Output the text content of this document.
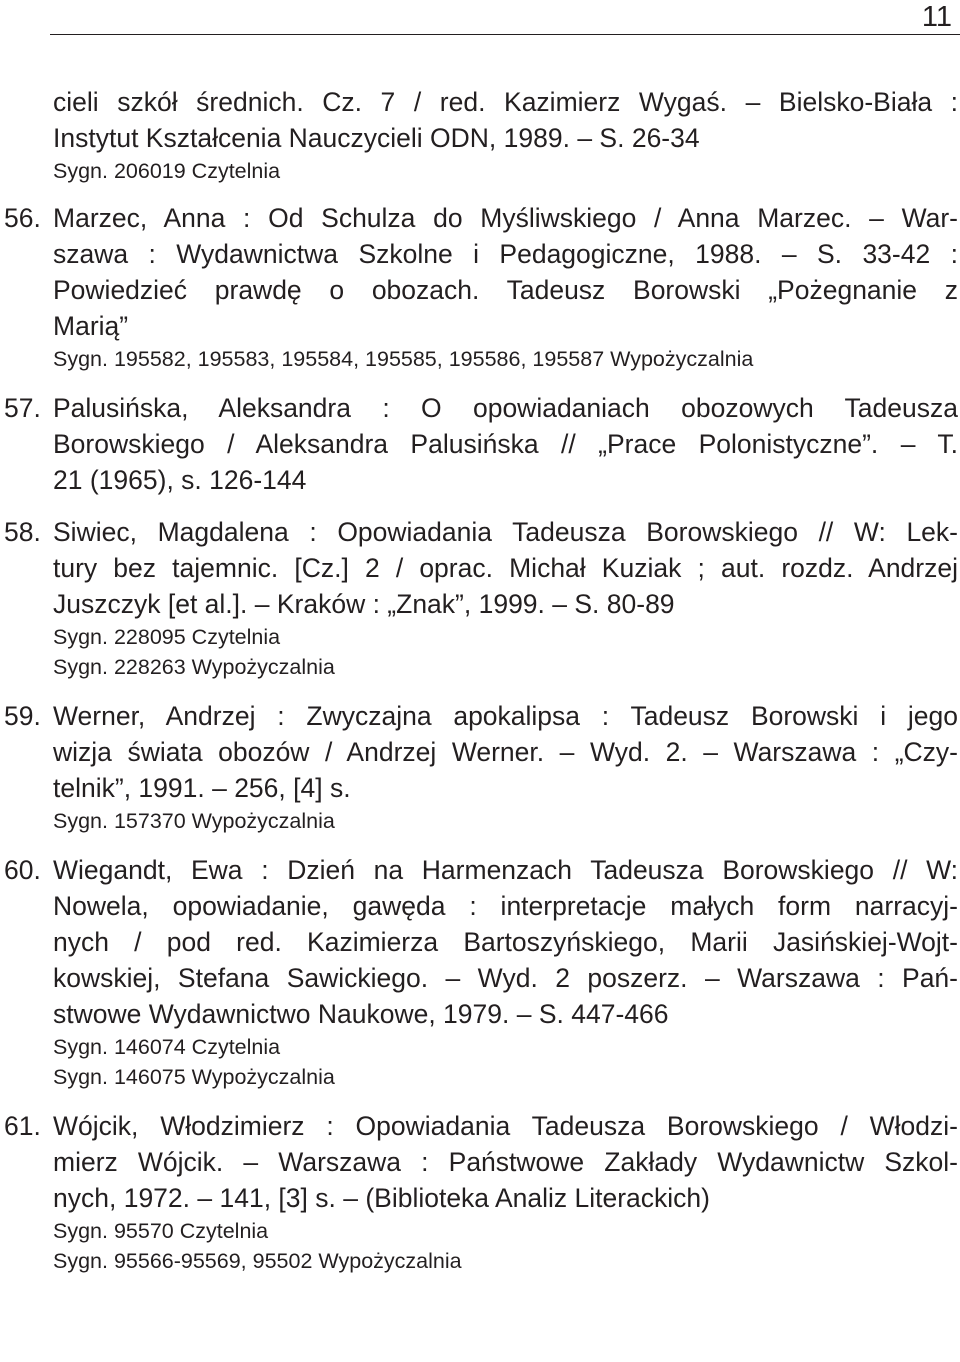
11
cieli szkół średnich. Cz. 7 / red. Kazimierz Wygaś. – Bielsko-Biała :
Instytut Kształcenia Nauczycieli ODN, 1989. – S. 26-34
Sygn. 206019 Czytelnia
56. Marzec, Anna : Od Schulza do Myśliwskiego / Anna Marzec. – War-
szawa : Wydawnictwa Szkolne i Pedagogiczne, 1988. – S. 33-42 :
Powiedzieć prawdę o obozach. Tadeusz Borowski „Pożegnanie z
Marią”
Sygn. 195582, 195583, 195584, 195585, 195586, 195587 Wypożyczalnia
57. Palusińska, Aleksandra : O opowiadaniach obozowych Tadeusza
Borowskiego / Aleksandra Palusińska // „Prace Polonistyczne”. – T.
21 (1965), s. 126-144
58. Siwiec, Magdalena : Opowiadania Tadeusza Borowskiego // W: Lek-
tury bez tajemnic. [Cz.] 2 / oprac. Michał Kuziak ; aut. rozdz. Andrzej
Juszczyk [et al.]. – Kraków : „Znak”, 1999. – S. 80-89
Sygn. 228095 Czytelnia
Sygn. 228263 Wypożyczalnia
59. Werner, Andrzej : Zwyczajna apokalipsa : Tadeusz Borowski i jego
wizja świata obozów / Andrzej Werner. – Wyd. 2. – Warszawa : „Czy-
telnik”, 1991. – 256, [4] s.
Sygn. 157370 Wypożyczalnia
60. Wiegandt, Ewa : Dzień na Harmenzach Tadeusza Borowskiego // W:
Nowela, opowiadanie, gawęda : interpretacje małych form narracyj-
nych / pod red. Kazimierza Bartoszyńskiego, Marii Jasińskiej-Wojt-
kowskiej, Stefana Sawickiego. – Wyd. 2 poszerz. – Warszawa : Pań-
stwowe Wydawnictwo Naukowe, 1979. – S. 447-466
Sygn. 146074 Czytelnia
Sygn. 146075 Wypożyczalnia
61. Wójcik, Włodzimierz : Opowiadania Tadeusza Borowskiego / Włodzi-
mierz Wójcik. – Warszawa : Państwowe Zakłady Wydawnictw Szkol-
nych, 1972. – 141, [3] s. – (Biblioteka Analiz Literackich)
Sygn. 95570 Czytelnia
Sygn. 95566-95569, 95502 Wypożyczalnia
